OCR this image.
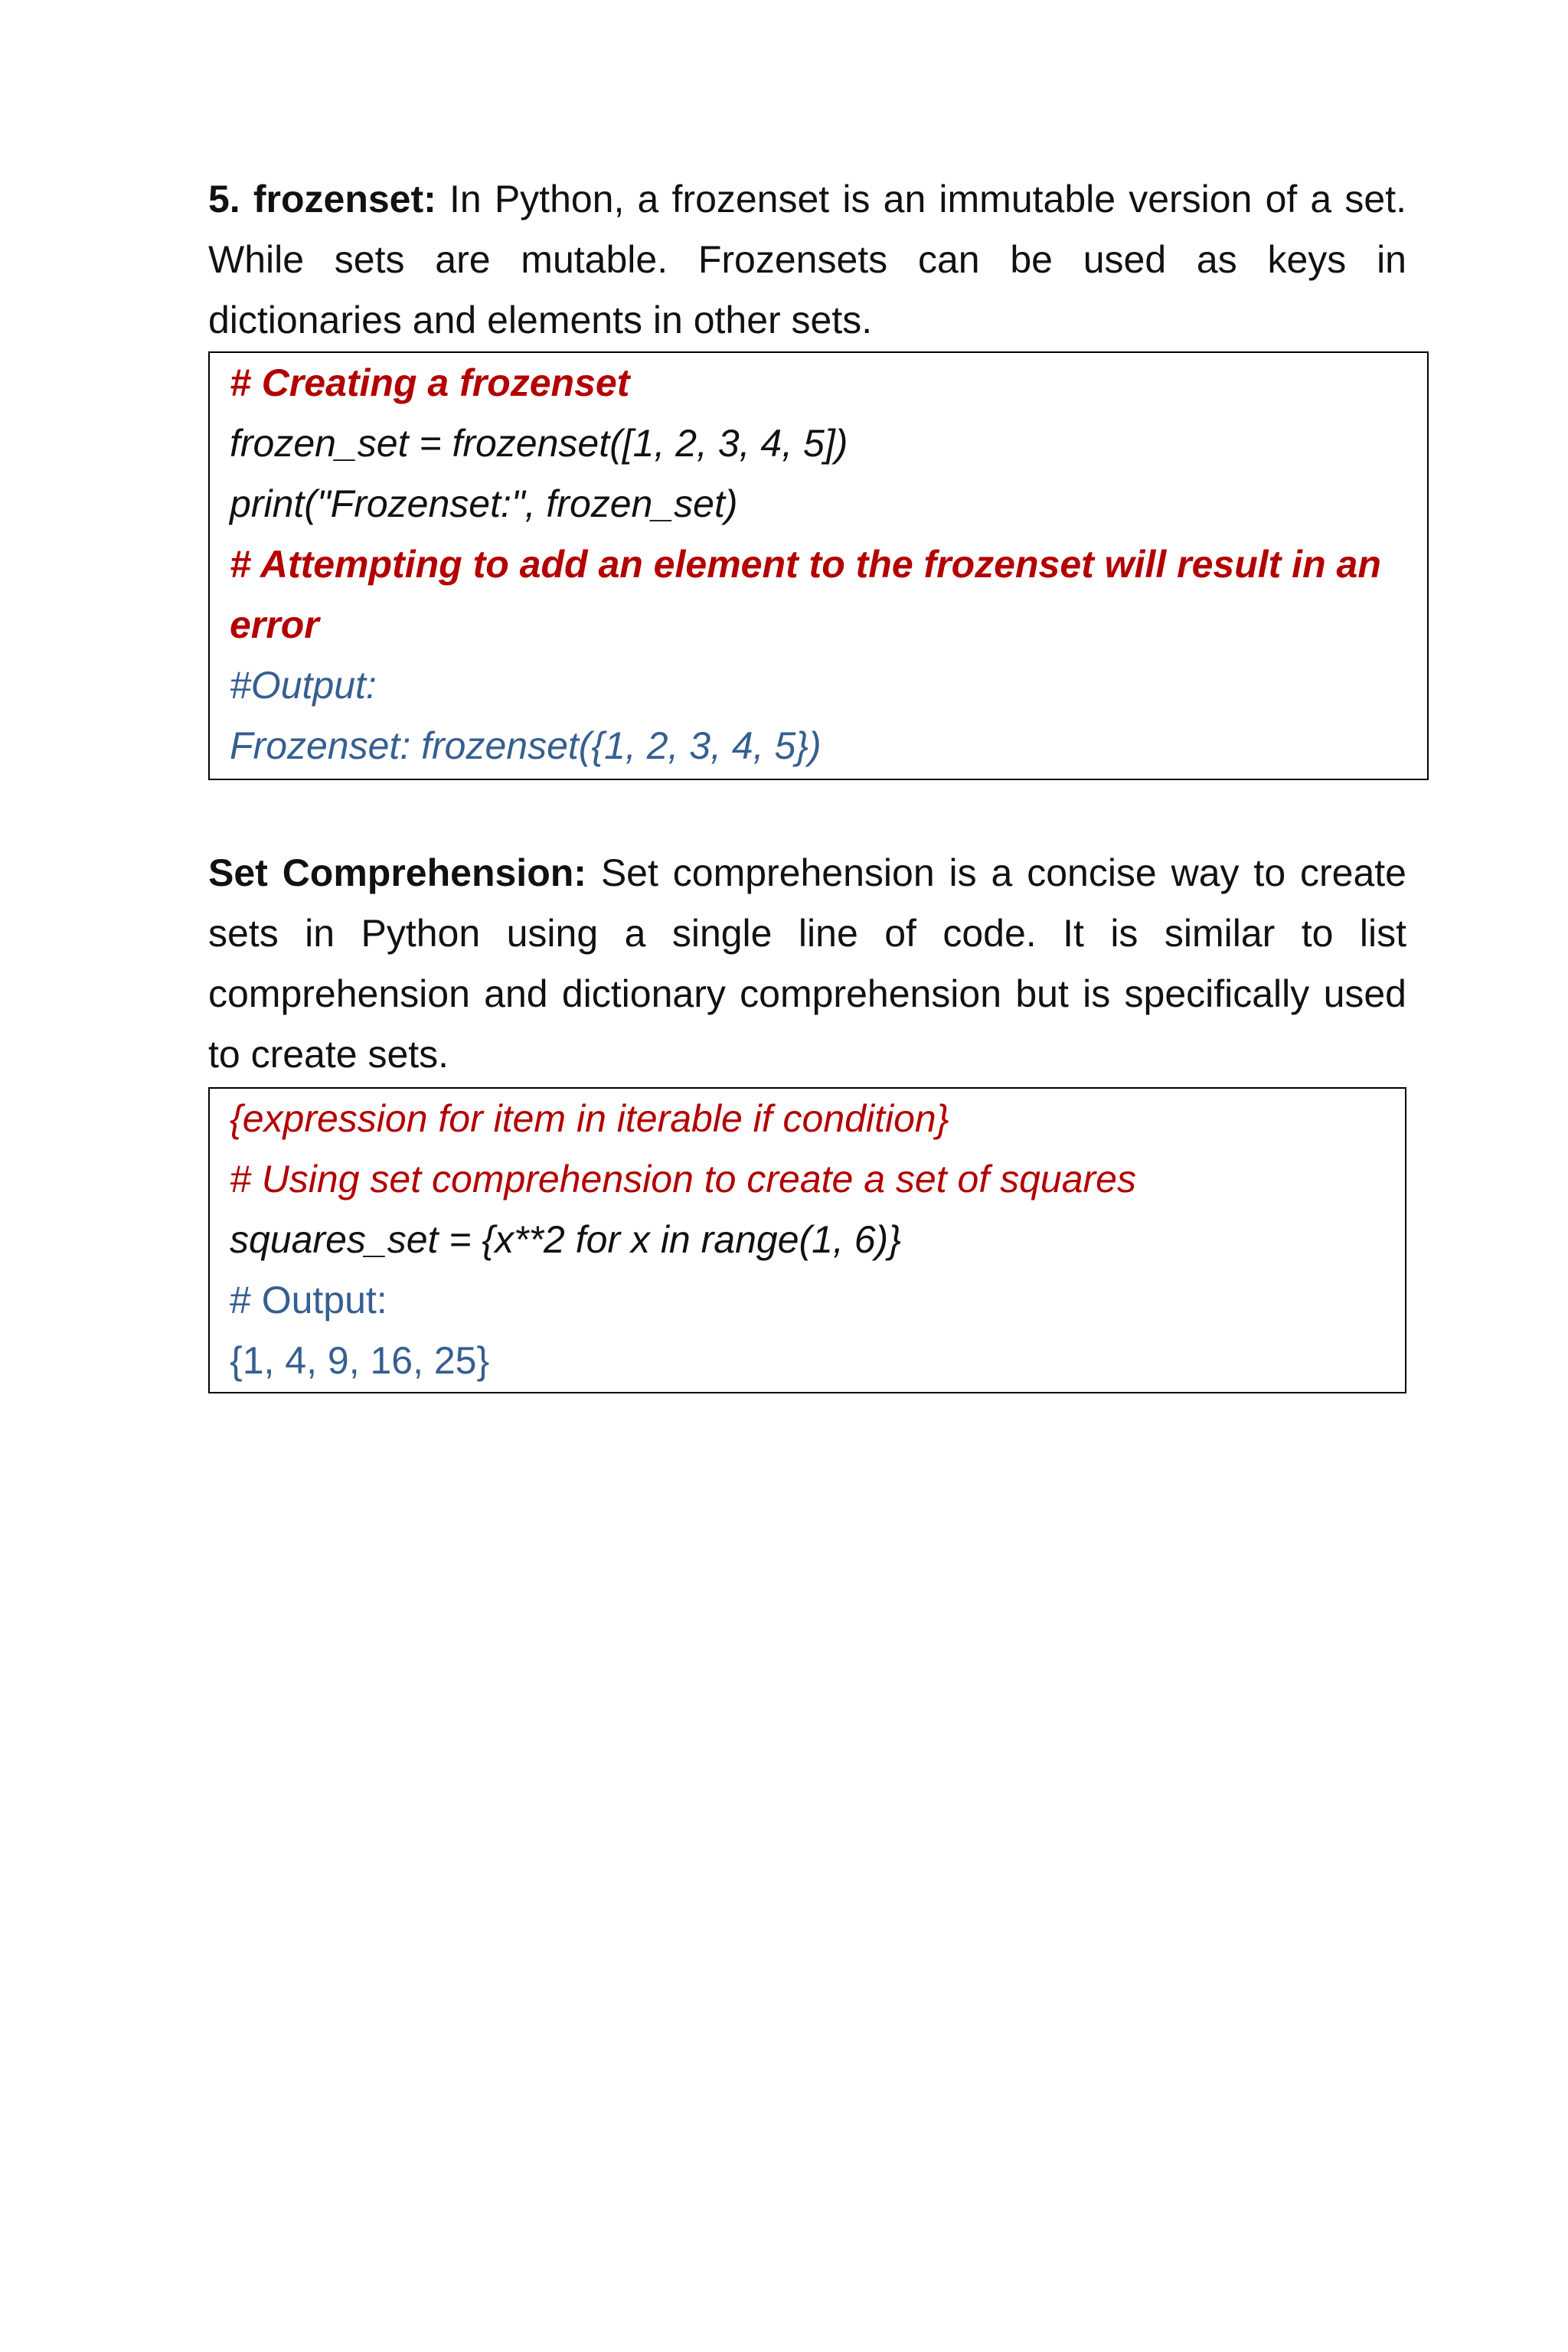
5. frozenset: In Python, a frozenset is an immutable version of a set. While sets are mutable. Frozensets can be used as keys in dictionaries and elements in other sets.

# Creating a frozenset
frozen_set = frozenset([1, 2, 3, 4, 5])
print("Frozenset:", frozen_set)
# Attempting to add an element to the frozenset will result in an
error
#Output:
Frozenset: frozenset({1, 2, 3, 4, 5})

Set Comprehension: Set comprehension is a concise way to create sets in Python using a single line of code. It is similar to list comprehension and dictionary comprehension but is specifically used to create sets.

{expression for item in iterable if condition}
# Using set comprehension to create a set of squares
squares_set = {x**2 for x in range(1, 6)}
# Output:
{1, 4, 9, 16, 25}
